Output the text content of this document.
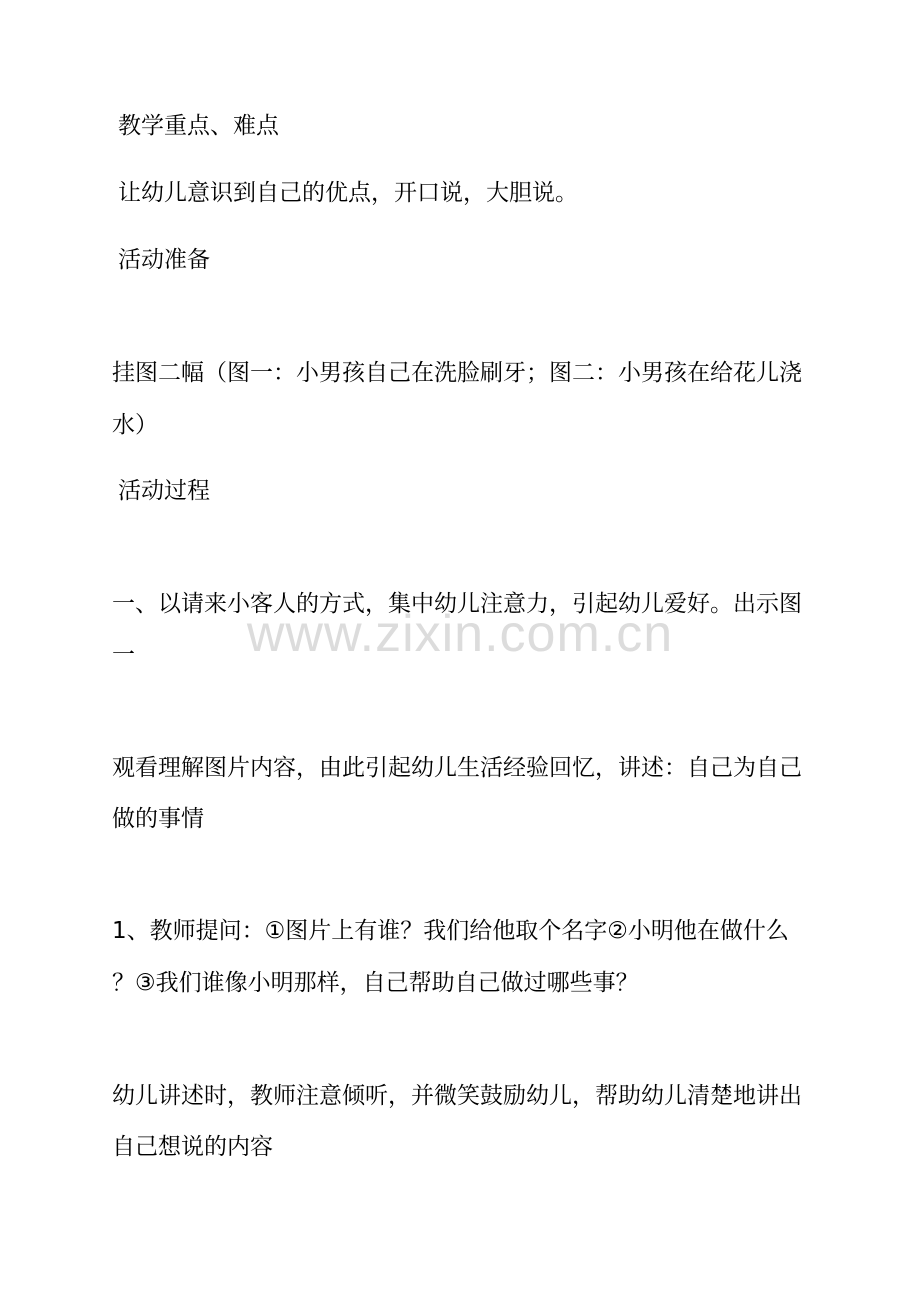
教学重点、难点
让幼儿意识到自己的优点，开口说，大胆说。
活动准备
挂图二幅（图一：小男孩自己在洗脸刷牙；图二：小男孩在给花儿浇
水）
活动过程
一、以请来小客人的方式，集中幼儿注意力，引起幼儿爱好。出示图
一
观看理解图片内容，由此引起幼儿生活经验回忆，讲述：自己为自己
做的事情
1、教师提问：①图片上有谁？我们给他取个名字②小明他在做什么
？③我们谁像小明那样，自己帮助自己做过哪些事？
幼儿讲述时，教师注意倾听，并微笑鼓励幼儿，帮助幼儿清楚地讲出
自己想说的内容
www.zixin.com.cn
